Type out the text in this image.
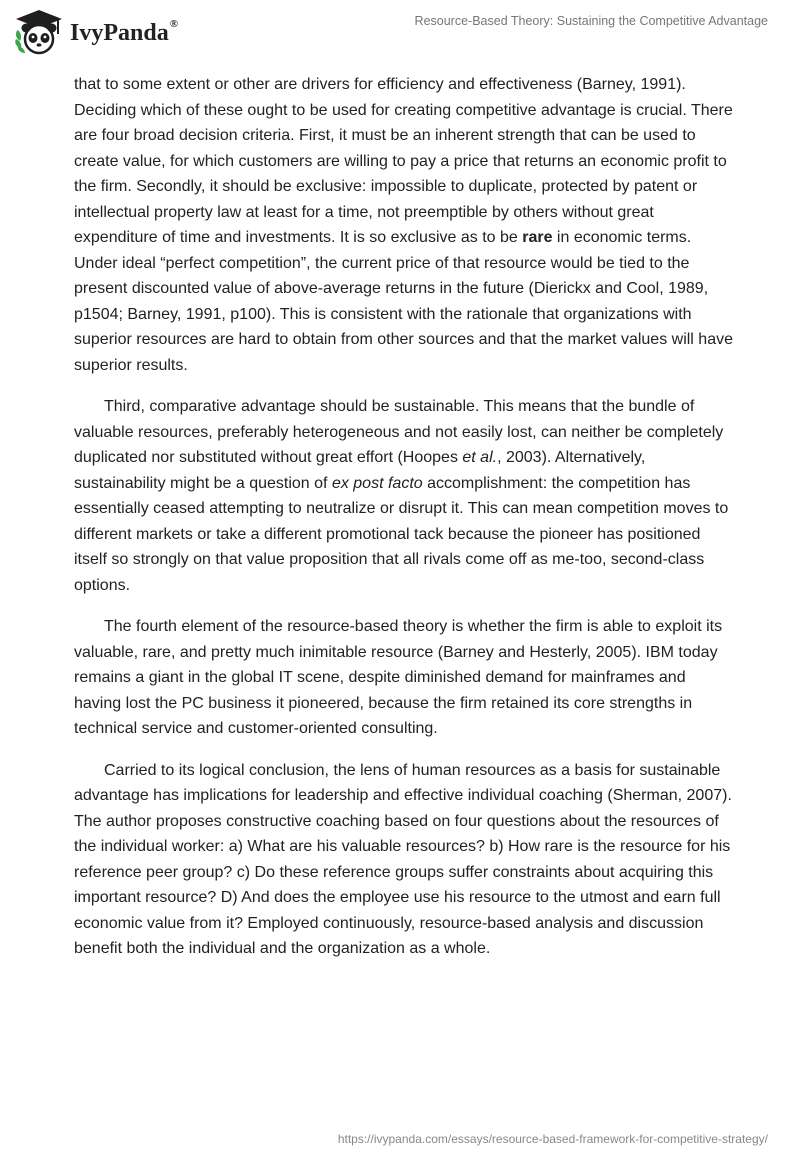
IvyPanda®	Resource-Based Theory: Sustaining the Competitive Advantage

that to some extent or other are drivers for efficiency and effectiveness (Barney, 1991). Deciding which of these ought to be used for creating competitive advantage is crucial. There are four broad decision criteria. First, it must be an inherent strength that can be used to create value, for which customers are willing to pay a price that returns an economic profit to the firm. Secondly, it should be exclusive: impossible to duplicate, protected by patent or intellectual property law at least for a time, not preemptible by others without great expenditure of time and investments. It is so exclusive as to be rare in economic terms. Under ideal “perfect competition”, the current price of that resource would be tied to the present discounted value of above-average returns in the future (Dierickx and Cool, 1989, p1504; Barney, 1991, p100). This is consistent with the rationale that organizations with superior resources are hard to obtain from other sources and that the market values will have superior results.

Third, comparative advantage should be sustainable. This means that the bundle of valuable resources, preferably heterogeneous and not easily lost, can neither be completely duplicated nor substituted without great effort (Hoopes et al., 2003). Alternatively, sustainability might be a question of ex post facto accomplishment: the competition has essentially ceased attempting to neutralize or disrupt it. This can mean competition moves to different markets or take a different promotional tack because the pioneer has positioned itself so strongly on that value proposition that all rivals come off as me-too, second-class options.

The fourth element of the resource-based theory is whether the firm is able to exploit its valuable, rare, and pretty much inimitable resource (Barney and Hesterly, 2005). IBM today remains a giant in the global IT scene, despite diminished demand for mainframes and having lost the PC business it pioneered, because the firm retained its core strengths in technical service and customer-oriented consulting.

Carried to its logical conclusion, the lens of human resources as a basis for sustainable advantage has implications for leadership and effective individual coaching (Sherman, 2007). The author proposes constructive coaching based on four questions about the resources of the individual worker: a) What are his valuable resources? b) How rare is the resource for his reference peer group? c) Do these reference groups suffer constraints about acquiring this important resource? D) And does the employee use his resource to the utmost and earn full economic value from it? Employed continuously, resource-based analysis and discussion benefit both the individual and the organization as a whole.

https://ivypanda.com/essays/resource-based-framework-for-competitive-strategy/
